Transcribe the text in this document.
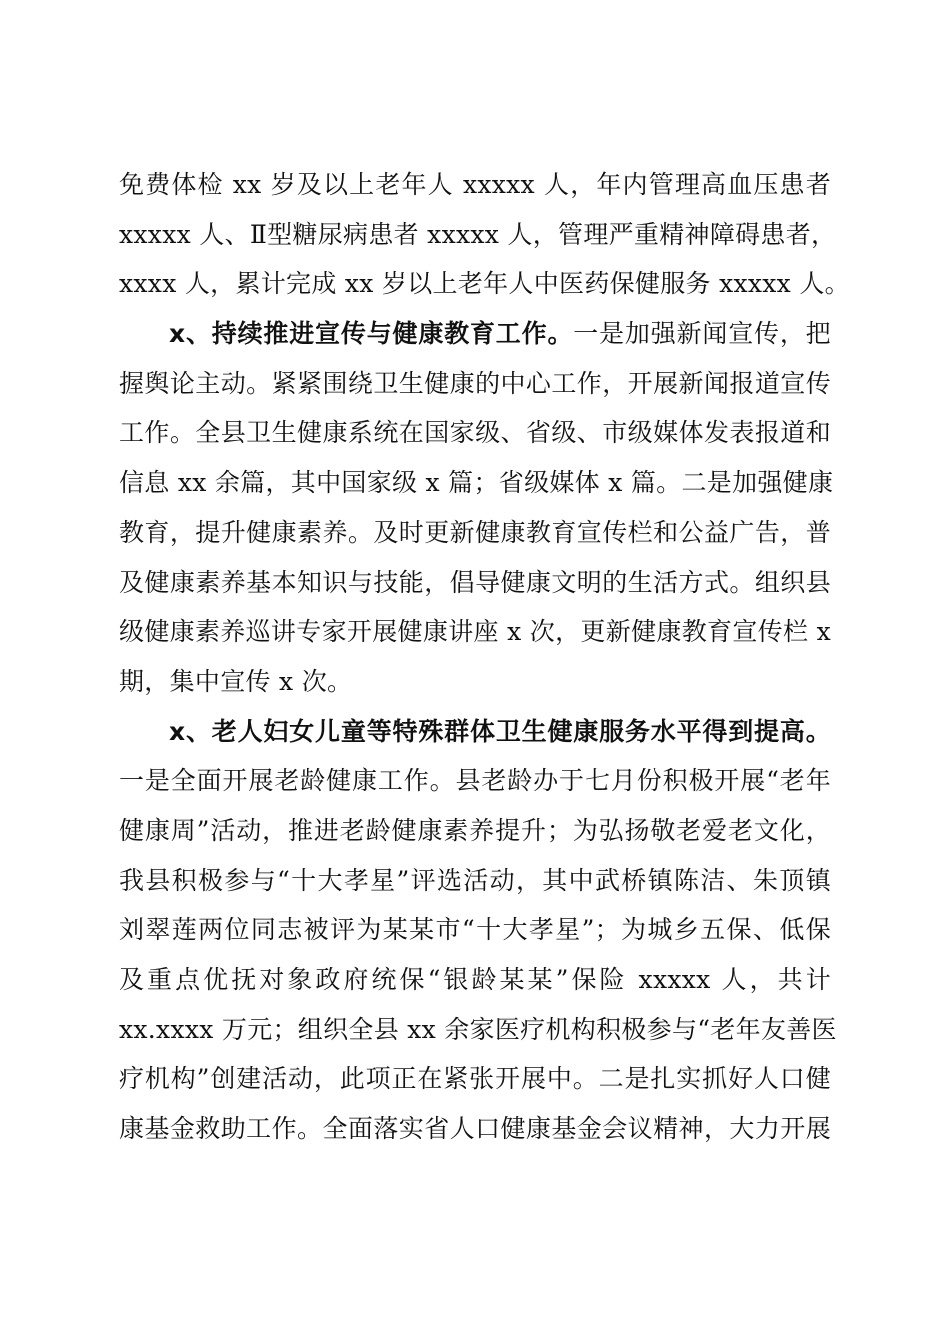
免费体检 xx 岁及以上老年人 xxxxx 人，年内管理高血压患者
xxxxx 人、Ⅱ型糖尿病患者 xxxxx 人，管理严重精神障碍患者，
xxxx 人，累计完成 xx 岁以上老年人中医药保健服务 xxxxx 人。
x、持续推进宣传与健康教育工作。一是加强新闻宣传，把
握舆论主动。紧紧围绕卫生健康的中心工作，开展新闻报道宣传
工作。全县卫生健康系统在国家级、省级、市级媒体发表报道和
信息 xx 余篇，其中国家级 x 篇；省级媒体 x 篇。二是加强健康
教育，提升健康素养。及时更新健康教育宣传栏和公益广告，普
及健康素养基本知识与技能，倡导健康文明的生活方式。组织县
级健康素养巡讲专家开展健康讲座 x 次，更新健康教育宣传栏 x
期，集中宣传 x 次。
x、老人妇女儿童等特殊群体卫生健康服务水平得到提高。
一是全面开展老龄健康工作。县老龄办于七月份积极开展“老年
健康周”活动，推进老龄健康素养提升；为弘扬敬老爱老文化，
我县积极参与“十大孝星”评选活动，其中武桥镇陈洁、朱顶镇
刘翠莲两位同志被评为某某市“十大孝星”；为城乡五保、低保
及重点优抚对象政府统保“银龄某某”保险 xxxxx 人，共计
xx.xxxx 万元；组织全县 xx 余家医疗机构积极参与“老年友善医
疗机构”创建活动，此项正在紧张开展中。二是扎实抓好人口健
康基金救助工作。全面落实省人口健康基金会议精神，大力开展
